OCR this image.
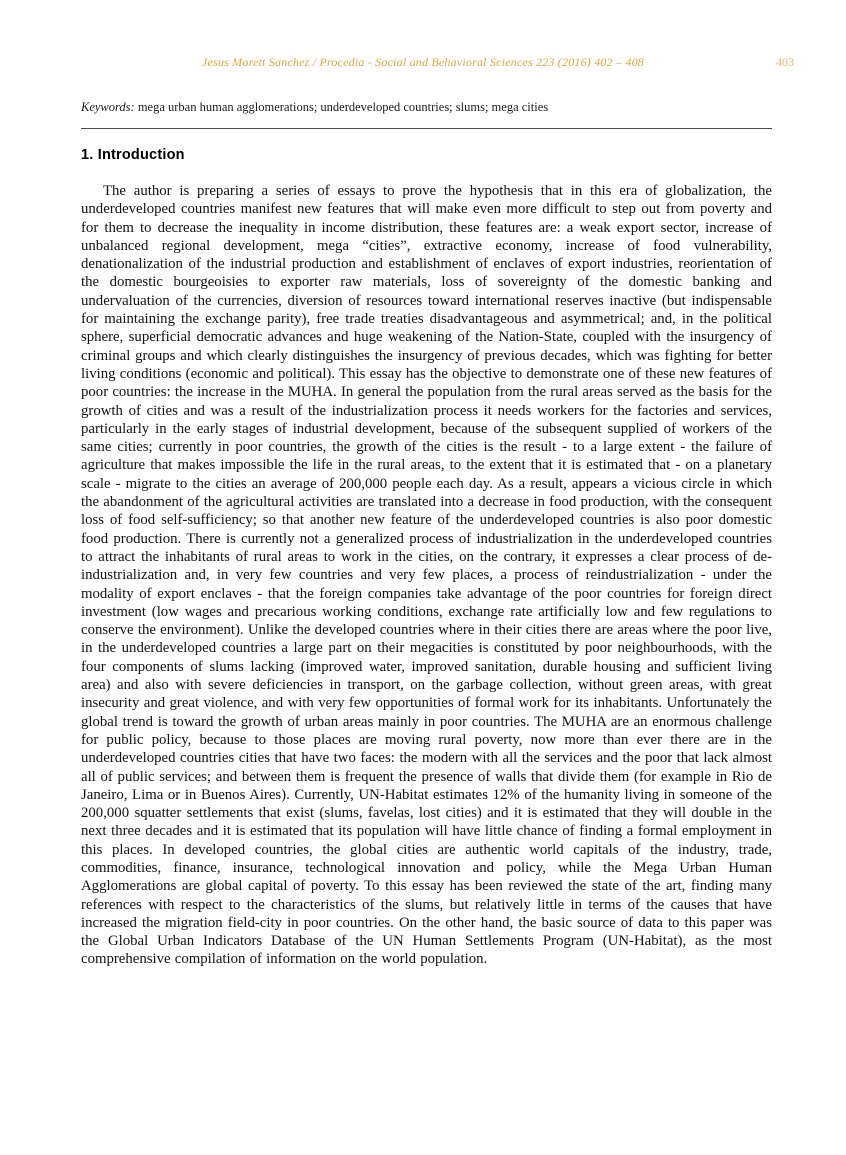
Jesus Morett Sanchez / Procedia - Social and Behavioral Sciences 223 (2016) 402 – 408	403
Keywords: mega urban human agglomerations; underdeveloped countries; slums; mega cities
1. Introduction

The author is preparing a series of essays to prove the hypothesis that in this era of globalization, the underdeveloped countries manifest new features that will make even more difficult to step out from poverty and for them to decrease the inequality in income distribution, these features are: a weak export sector, increase of unbalanced regional development, mega “cities”, extractive economy, increase of food vulnerability, denationalization of the industrial production and establishment of enclaves of export industries, reorientation of the domestic bourgeoisies to exporter raw materials, loss of sovereignty of the domestic banking and undervaluation of the currencies, diversion of resources toward international reserves inactive (but indispensable for maintaining the exchange parity), free trade treaties disadvantageous and asymmetrical; and, in the political sphere, superficial democratic advances and huge weakening of the Nation-State, coupled with the insurgency of criminal groups and which clearly distinguishes the insurgency of previous decades, which was fighting for better living conditions (economic and political). This essay has the objective to demonstrate one of these new features of poor countries: the increase in the MUHA. In general the population from the rural areas served as the basis for the growth of cities and was a result of the industrialization process it needs workers for the factories and services, particularly in the early stages of industrial development, because of the subsequent supplied of workers of the same cities; currently in poor countries, the growth of the cities is the result - to a large extent - the failure of agriculture that makes impossible the life in the rural areas, to the extent that it is estimated that - on a planetary scale - migrate to the cities an average of 200,000 people each day. As a result, appears a vicious circle in which the abandonment of the agricultural activities are translated into a decrease in food production, with the consequent loss of food self-sufficiency; so that another new feature of the underdeveloped countries is also poor domestic food production. There is currently not a generalized process of industrialization in the underdeveloped countries to attract the inhabitants of rural areas to work in the cities, on the contrary, it expresses a clear process of de-industrialization and, in very few countries and very few places, a process of reindustrialization - under the modality of export enclaves - that the foreign companies take advantage of the poor countries for foreign direct investment (low wages and precarious working conditions, exchange rate artificially low and few regulations to conserve the environment). Unlike the developed countries where in their cities there are areas where the poor live, in the underdeveloped countries a large part on their megacities is constituted by poor neighbourhoods, with the four components of slums lacking (improved water, improved sanitation, durable housing and sufficient living area) and also with severe deficiencies in transport, on the garbage collection, without green areas, with great insecurity and great violence, and with very few opportunities of formal work for its inhabitants. Unfortunately the global trend is toward the growth of urban areas mainly in poor countries. The MUHA are an enormous challenge for public policy, because to those places are moving rural poverty, now more than ever there are in the underdeveloped countries cities that have two faces: the modern with all the services and the poor that lack almost all of public services; and between them is frequent the presence of walls that divide them (for example in Rio de Janeiro, Lima or in Buenos Aires). Currently, UN-Habitat estimates 12% of the humanity living in someone of the 200,000 squatter settlements that exist (slums, favelas, lost cities) and it is estimated that they will double in the next three decades and it is estimated that its population will have little chance of finding a formal employment in this places. In developed countries, the global cities are authentic world capitals of the industry, trade, commodities, finance, insurance, technological innovation and policy, while the Mega Urban Human Agglomerations are global capital of poverty. To this essay has been reviewed the state of the art, finding many references with respect to the characteristics of the slums, but relatively little in terms of the causes that have increased the migration field-city in poor countries. On the other hand, the basic source of data to this paper was the Global Urban Indicators Database of the UN Human Settlements Program (UN-Habitat), as the most comprehensive compilation of information on the world population.
